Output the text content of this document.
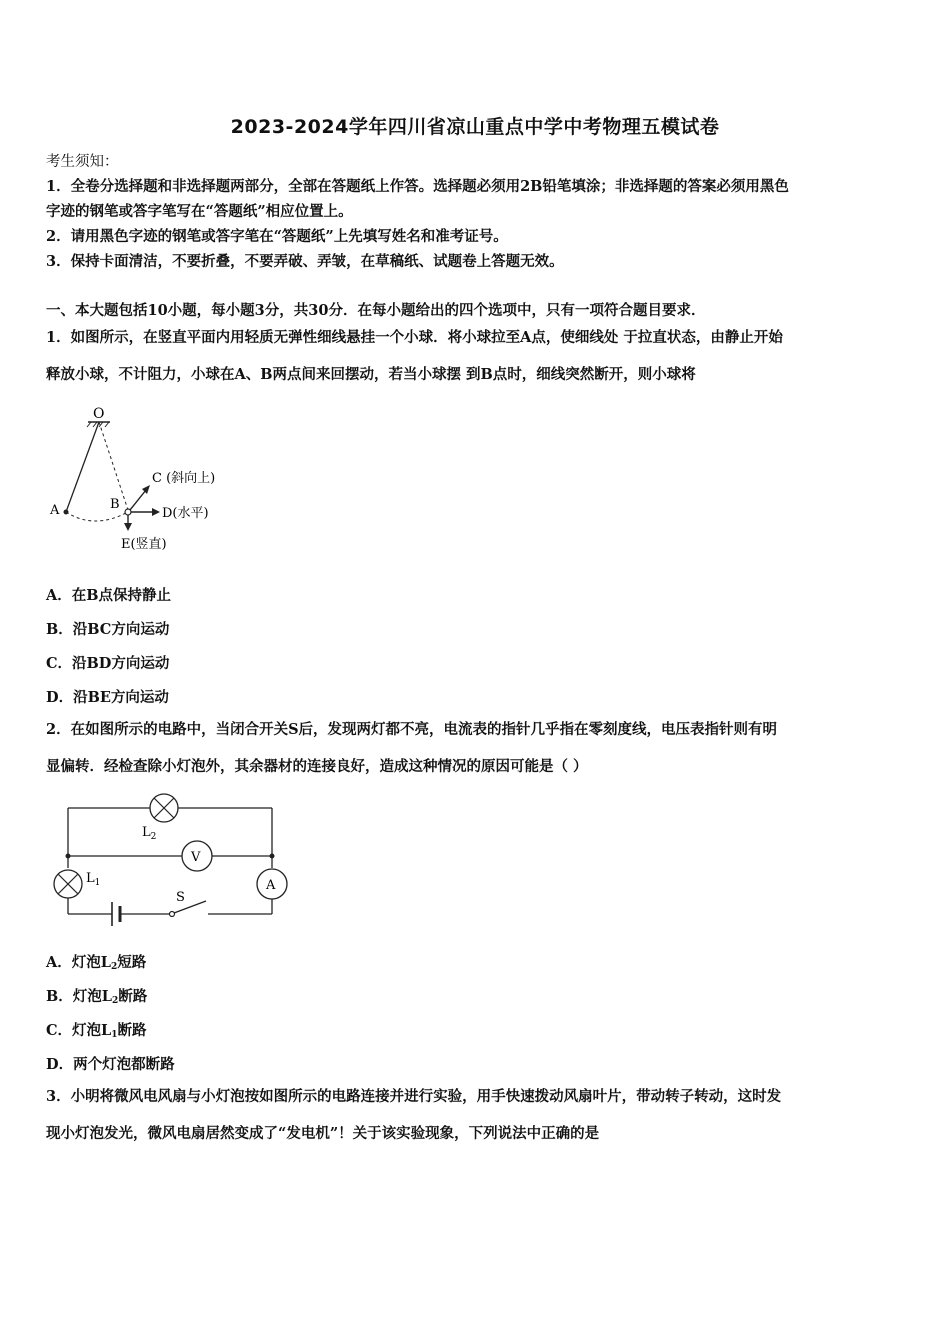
2023-2024学年四川省凉山重点中学中考物理五模试卷
考生须知：
1．全卷分选择题和非选择题两部分，全部在答题纸上作答。选择题必须用2B铅笔填涂；非选择题的答案必须用黑色
字迹的钢笔或答字笔写在“答题纸”相应位置上。
2．请用黑色字迹的钢笔或答字笔在“答题纸”上先填写姓名和准考证号。
3．保持卡面清洁，不要折叠，不要弄破、弄皱，在草稿纸、试题卷上答题无效。
一、本大题包括10小题，每小题3分，共30分．在每小题给出的四个选项中，只有一项符合题目要求．
1．如图所示，在竖直平面内用轻质无弹性细线悬挂一个小球．将小球拉至A点，使细线处 于拉直状态，由静止开始
释放小球，不计阻力，小球在A、B两点间来回摆动，若当小球摆 到B点时，细线突然断开，则小球将
O
A	B
C (斜向上)
D(水平)
E(竖直)
A．在B点保持静止
B．沿BC方向运动
C．沿BD方向运动
D．沿BE方向运动
2．在如图所示的电路中，当闭合开关S后，发现两灯都不亮，电流表的指针几乎指在零刻度线，电压表指针则有明
显偏转．经检查除小灯泡外，其余器材的连接良好，造成这种情况的原因可能是（ ）
$L_2$
V
$L_1$	A
S
A．灯泡$L_2$短路
B．灯泡$L_2$断路
C．灯泡$L_1$断路
D．两个灯泡都断路
3．小明将微风电风扇与小灯泡按如图所示的电路连接并进行实验，用手快速拨动风扇叶片，带动转子转动，这时发
现小灯泡发光，微风电扇居然变成了“发电机”！关于该实验现象，下列说法中正确的是
